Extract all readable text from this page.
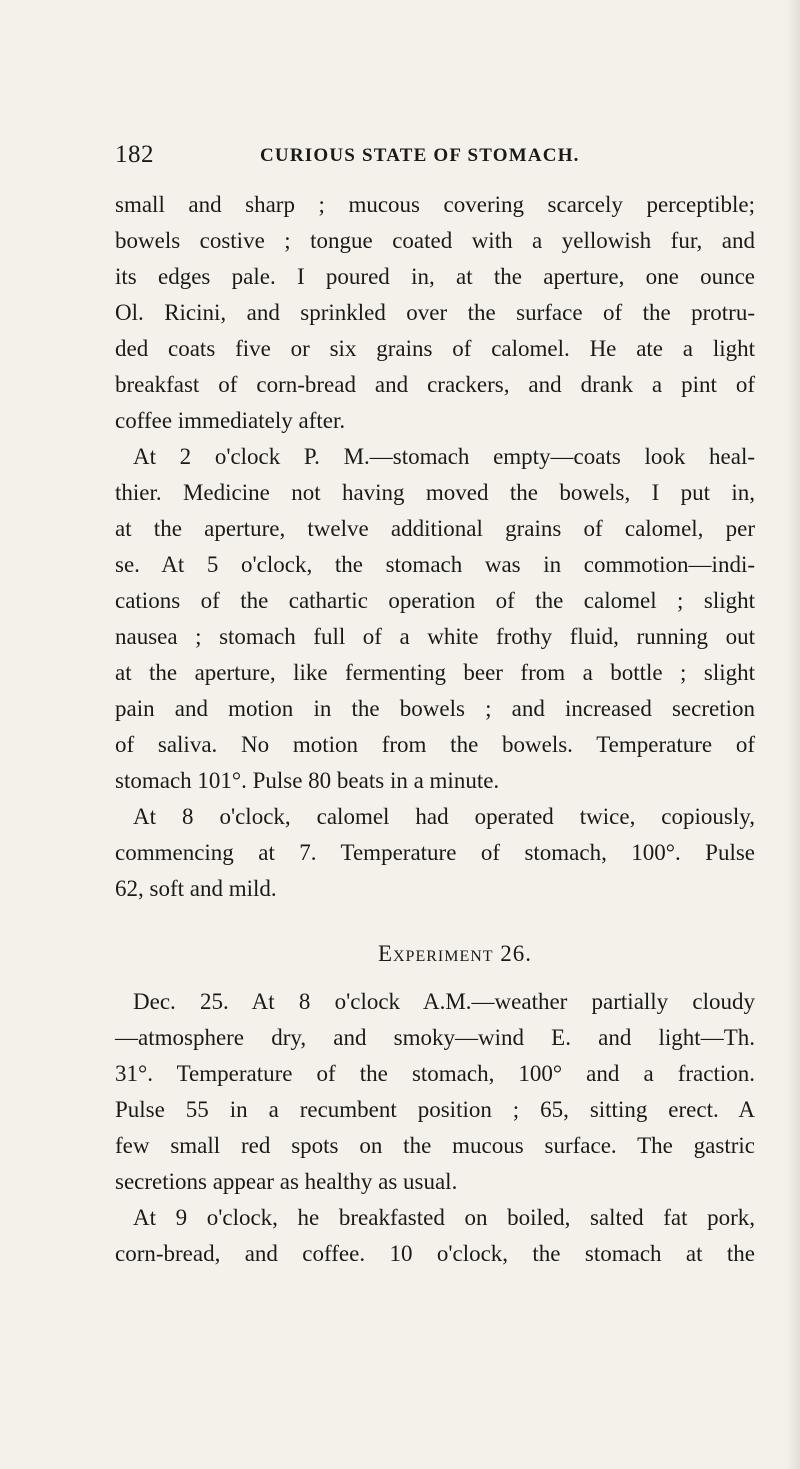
182	CURIOUS STATE OF STOMACH.
small and sharp ; mucous covering scarcely perceptible;
bowels costive ; tongue coated with a yellowish fur, and
its edges pale. I poured in, at the aperture, one ounce
Ol. Ricini, and sprinkled over the surface of the protru-
ded coats five or six grains of calomel. He ate a light
breakfast of corn-bread and crackers, and drank a pint of
coffee immediately after.
At 2 o'clock P. M.—stomach empty—coats look heal-
thier. Medicine not having moved the bowels, I put in,
at the aperture, twelve additional grains of calomel, per
se. At 5 o'clock, the stomach was in commotion—indi-
cations of the cathartic operation of the calomel ; slight
nausea ; stomach full of a white frothy fluid, running out
at the aperture, like fermenting beer from a bottle ; slight
pain and motion in the bowels ; and increased secretion
of saliva. No motion from the bowels. Temperature of
stomach 101°. Pulse 80 beats in a minute.
At 8 o'clock, calomel had operated twice, copiously,
commencing at 7. Temperature of stomach, 100°. Pulse
62, soft and mild.
Experiment 26.
Dec. 25. At 8 o'clock A.M.—weather partially cloudy
—atmosphere dry, and smoky—wind E. and light—Th.
31°. Temperature of the stomach, 100° and a fraction.
Pulse 55 in a recumbent position ; 65, sitting erect. A
few small red spots on the mucous surface. The gastric
secretions appear as healthy as usual.
At 9 o'clock, he breakfasted on boiled, salted fat pork,
corn-bread, and coffee. 10 o'clock, the stomach at the
